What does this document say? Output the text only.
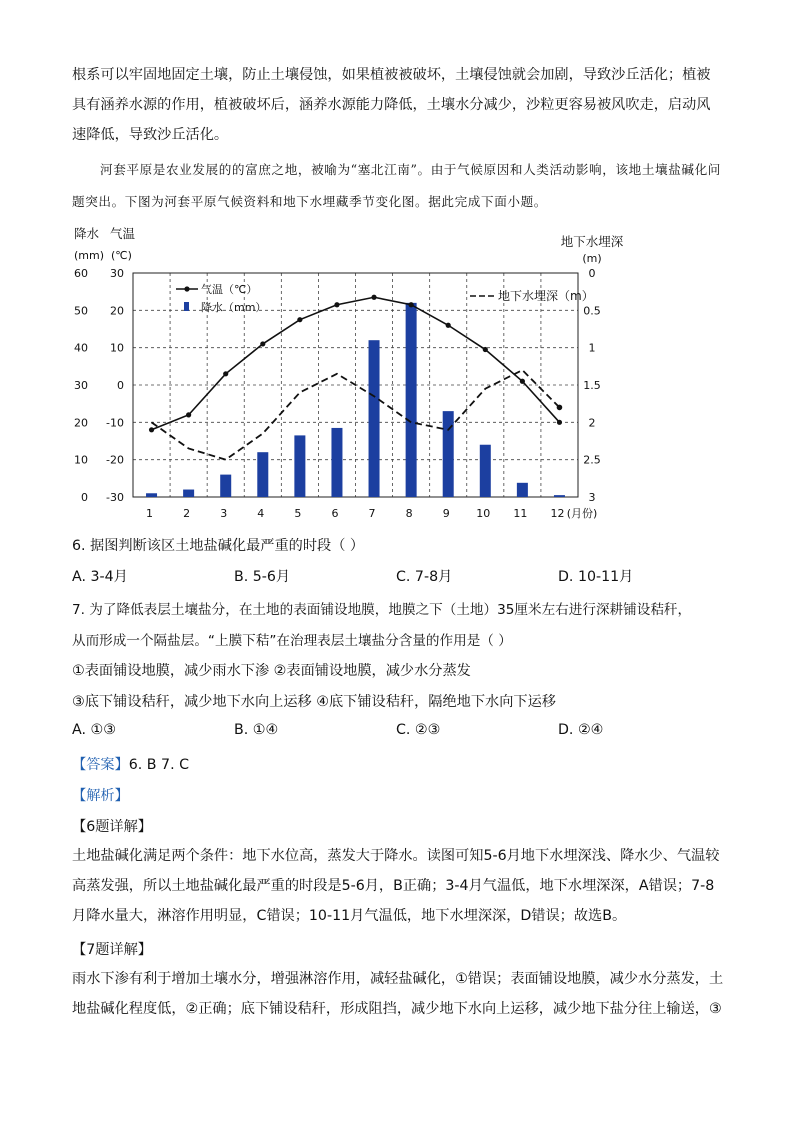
根系可以牢固地固定土壤，防止土壤侵蚀，如果植被被破坏，土壤侵蚀就会加剧，导致沙丘活化；植被具有涵养水源的作用，植被破坏后，涵养水源能力降低，土壤水分减少，沙粒更容易被风吹走，启动风速降低，导致沙丘活化。

河套平原是农业发展的的富庶之地，被喻为“塞北江南”。由于气候原因和人类活动影响，该地土壤盐碱化问题突出。下图为河套平原气候资料和地下水埋藏季节变化图。据此完成下面小题。

降水 气温
(mm) (℃)
地下水埋深
(m)
60
50
40
30
20
10
0
30
20
10
0
-10
-20
-30
0
0.5
1
1.5
2
2.5
3
1	2	3	4	5	6	7	8	9 10 11 12 (月份)
气温（℃）
降水（mm）
地下水埋深（m）
6. 据图判断该区土地盐碱化最严重的时段（ ）
A. 3-4月	B. 5-6月	C. 7-8月	D. 10-11月
7. 为了降低表层土壤盐分，在土地的表面铺设地膜，地膜之下（土地）35厘米左右进行深耕铺设秸秆，
从而形成一个隔盐层。“上膜下秸”在治理表层土壤盐分含量的作用是（ ）
①表面铺设地膜，减少雨水下渗 ②表面铺设地膜，减少水分蒸发
③底下铺设秸秆，减少地下水向上运移 ④底下铺设秸秆，隔绝地下水向下运移
A. ①③	B. ①④	C. ②③	D. ②④
【答案】6. B 7. C
【解析】
【6题详解】

土地盐碱化满足两个条件：地下水位高，蒸发大于降水。读图可知5-6月地下水埋深浅、降水少、气温较高蒸发强，所以土地盐碱化最严重的时段是5-6月，B正确；3-4月气温低，地下水埋深深，A错误；7-8月降水量大，淋溶作用明显，C错误；10-11月气温低，地下水埋深深，D错误；故选B。

【7题详解】

雨水下渗有利于增加土壤水分，增强淋溶作用，减轻盐碱化，①错误；表面铺设地膜，减少水分蒸发，土地盐碱化程度低，②正确；底下铺设秸秆，形成阻挡，减少地下水向上运移，减少地下盐分往上输送，③
